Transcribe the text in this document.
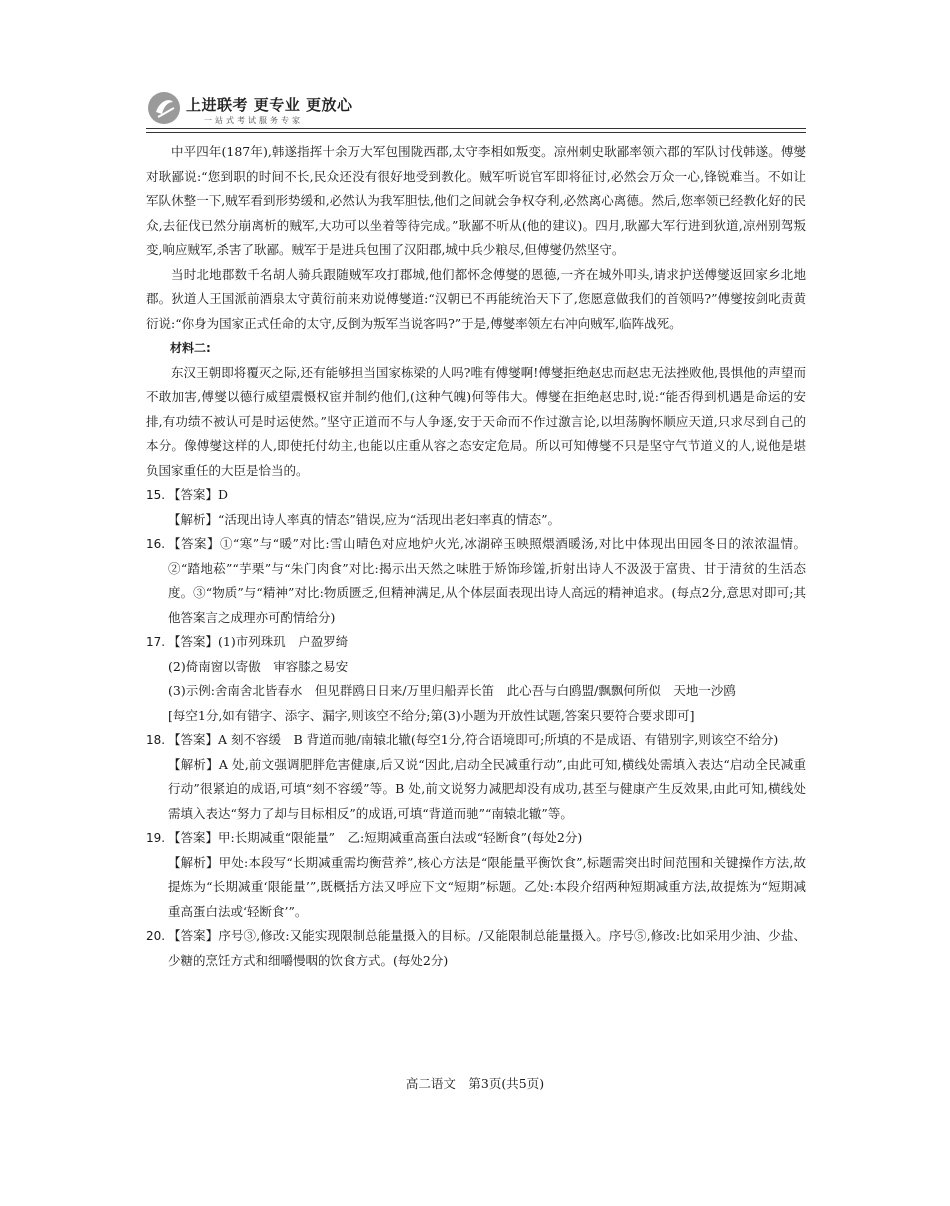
上进联考 更专业 更放心
一站式考试服务专家

中平四年(187年),韩遂指挥十余万大军包围陇西郡,太守李相如叛变。凉州刺史耿鄙率领六郡的军队讨伐韩遂。傅燮对耿鄙说:“您到职的时间不长,民众还没有很好地受到教化。贼军听说官军即将征讨,必然会万众一心,锋锐难当。不如让军队休整一下,贼军看到形势缓和,必然认为我军胆怯,他们之间就会争权夺利,必然离心离德。然后,您率领已经教化好的民众,去征伐已然分崩离析的贼军,大功可以坐着等待完成。”耿鄙不听从(他的建议)。四月,耿鄙大军行进到狄道,凉州别驾叛变,响应贼军,杀害了耿鄙。贼军于是进兵包围了汉阳郡,城中兵少粮尽,但傅燮仍然坚守。

当时北地郡数千名胡人骑兵跟随贼军攻打郡城,他们都怀念傅燮的恩德,一齐在城外叩头,请求护送傅燮返回家乡北地郡。狄道人王国派前酒泉太守黄衍前来劝说傅燮道:“汉朝已不再能统治天下了,您愿意做我们的首领吗?”傅燮按剑叱责黄衍说:“你身为国家正式任命的太守,反倒为叛军当说客吗?”于是,傅燮率领左右冲向贼军,临阵战死。

材料二:

东汉王朝即将覆灭之际,还有能够担当国家栋梁的人吗?唯有傅燮啊!傅燮拒绝赵忠而赵忠无法挫败他,畏惧他的声望而不敢加害,傅燮以德行威望震慑权宦并制约他们,(这种气魄)何等伟大。傅燮在拒绝赵忠时,说:“能否得到机遇是命运的安排,有功绩不被认可是时运使然。”坚守正道而不与人争逐,安于天命而不作过激言论,以坦荡胸怀顺应天道,只求尽到自己的本分。像傅燮这样的人,即使托付幼主,也能以庄重从容之态安定危局。所以可知傅燮不只是坚守气节道义的人,说他是堪负国家重任的大臣是恰当的。

15. 【答案】D
【解析】“活现出诗人率真的情态”错误,应为“活现出老妇率真的情态”。
16. 【答案】①“寒”与“暖”对比:雪山晴色对应地炉火光,冰湖碎玉映照煨酒暖汤,对比中体现出田园冬日的浓浓温情。②“踏地菘”“芋栗”与“朱门肉食”对比:揭示出天然之味胜于矫饰珍馐,折射出诗人不汲汲于富贵、甘于清贫的生活态度。③“物质”与“精神”对比:物质匮乏,但精神满足,从个体层面表现出诗人高远的精神追求。(每点2分,意思对即可;其他答案言之成理亦可酌情给分)
17. 【答案】(1)市列珠玑　户盈罗绮
(2)倚南窗以寄傲　审容膝之易安
(3)示例:舍南舍北皆春水　但见群鸥日日来/万里归船弄长笛　此心吾与白鸥盟/飘飘何所似　天地一沙鸥
[每空1分,如有错字、添字、漏字,则该空不给分;第(3)小题为开放性试题,答案只要符合要求即可]
18. 【答案】A 刻不容缓　B 背道而驰/南辕北辙(每空1分,符合语境即可;所填的不是成语、有错别字,则该空不给分)
【解析】A 处,前文强调肥胖危害健康,后又说“因此,启动全民减重行动”,由此可知,横线处需填入表达“启动全民减重行动”很紧迫的成语,可填“刻不容缓”等。B 处,前文说努力减肥却没有成功,甚至与健康产生反效果,由此可知,横线处需填入表达“努力了却与目标相反”的成语,可填“背道而驰”“南辕北辙”等。
19. 【答案】甲:长期减重“限能量”　乙:短期减重高蛋白法或“轻断食”(每处2分)
【解析】甲处:本段写“长期减重需均衡营养”,核心方法是“限能量平衡饮食”,标题需突出时间范围和关键操作方法,故提炼为“长期减重‘限能量’”,既概括方法又呼应下文“短期”标题。乙处:本段介绍两种短期减重方法,故提炼为“短期减重高蛋白法或‘轻断食’”。
20. 【答案】序号③,修改:又能实现限制总能量摄入的目标。/又能限制总能量摄入。序号⑤,修改:比如采用少油、少盐、少糖的烹饪方式和细嚼慢咽的饮食方式。(每处2分)
高二语文　第3页(共5页)
